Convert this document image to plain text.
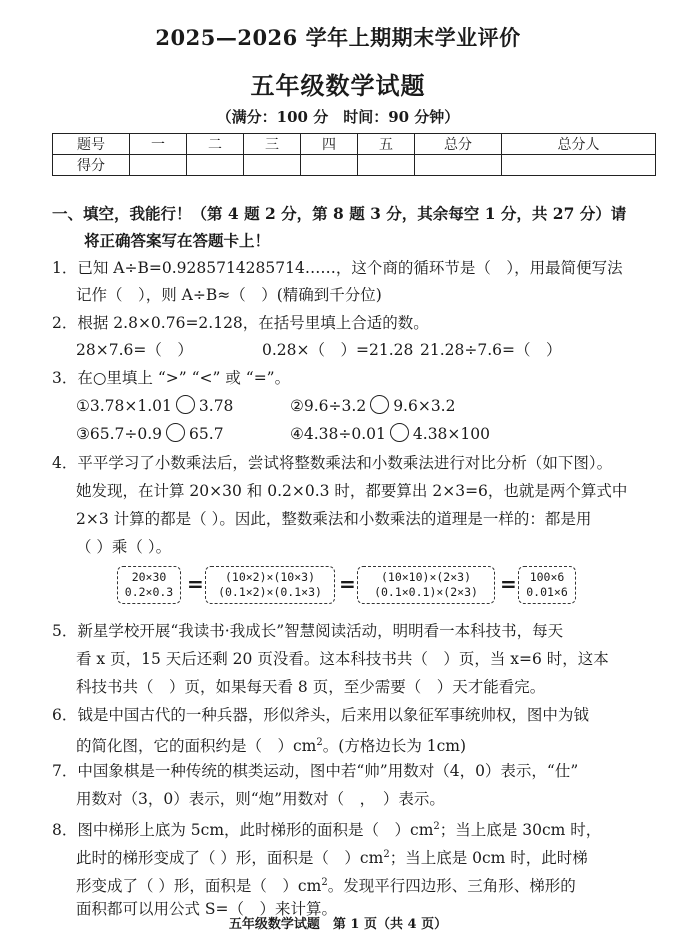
2025—2026 学年上期期末学业评价
五年级数学试题
（满分：100 分　时间：90 分钟）
题号	一	二	三	四	五	总分	总分人
得分							
一、填空，我能行！（第 4 题 2 分，第 8 题 3 分，其余每空 1 分，共 27 分）请
将正确答案写在答题卡上！
1．已知 A÷B=0.9285714285714……，这个商的循环节是（　），用最简便写法
记作（　），则 A÷B≈（　）(精确到千分位)
2．根据 2.8×0.76=2.128，在括号里填上合适的数。
28×7.6=（　）	0.28×（　）=21.28 21.28÷7.6=（　）
3．在○里填上 “>” “<” 或 “=”。
①3.78×1.01 3.78	②9.6÷3.2 9.6×3.2
③65.7÷0.9 65.7	④4.38÷0.01 4.38×100
4．平平学习了小数乘法后，尝试将整数乘法和小数乘法进行对比分析（如下图）。
她发现，在计算 20×30 和 0.2×0.3 时，都要算出 2×3=6，也就是两个算式中
2×3 计算的都是（ ）。因此，整数乘法和小数乘法的道理是一样的：都是用
（ ）乘（ ）。
20×30
0.2×0.3 = (10×2)×(10×3)
(0.1×2)×(0.1×3) = (10×10)×(2×3)
(0.1×0.1)×(2×3) = 100×6
0.01×6
5．新星学校开展“我读书·我成长”智慧阅读活动，明明看一本科技书，每天
看 x 页，15 天后还剩 20 页没看。这本科技书共（　）页，当 x=6 时，这本
科技书共（　）页，如果每天看 8 页，至少需要（　）天才能看完。
6．钺是中国古代的一种兵器，形似斧头，后来用以象征军事统帅权，图中为钺
的简化图，它的面积约是（　）$cm^2$。(方格边长为 1cm)
7．中国象棋是一种传统的棋类运动，图中若“帅”用数对（4，0）表示，“仕”
用数对（3，0）表示，则“炮”用数对（　，　）表示。
8．图中梯形上底为 5cm，此时梯形的面积是（　）$cm^2$；当上底是 30cm 时，
此时的梯形变成了（ ）形，面积是（　）$cm^2$；当上底是 0cm 时，此时梯
形变成了（ ）形，面积是（　）$cm^2$。发现平行四边形、三角形、梯形的
面积都可以用公式 S=（　）来计算。
五年级数学试题　第 1 页（共 4 页）
